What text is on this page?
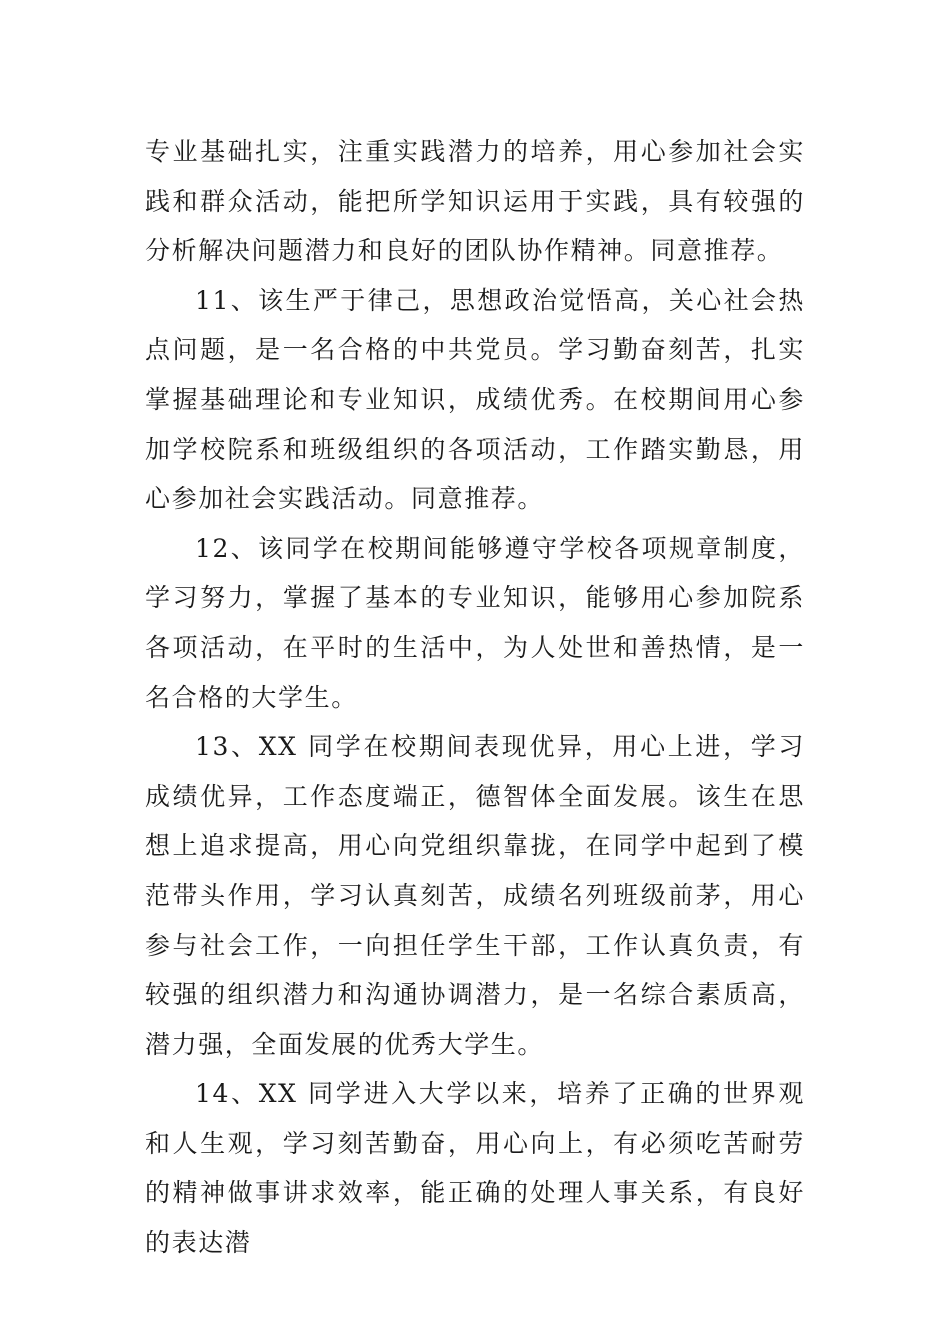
专业基础扎实，注重实践潜力的培养，用心参加社会实践和群众活动，能把所学知识运用于实践，具有较强的分析解决问题潜力和良好的团队协作精神。同意推荐。

11、该生严于律己，思想政治觉悟高，关心社会热点问题，是一名合格的中共党员。学习勤奋刻苦，扎实掌握基础理论和专业知识，成绩优秀。在校期间用心参加学校院系和班级组织的各项活动，工作踏实勤恳，用心参加社会实践活动。同意推荐。

12、该同学在校期间能够遵守学校各项规章制度，学习努力，掌握了基本的专业知识，能够用心参加院系各项活动，在平时的生活中，为人处世和善热情，是一名合格的大学生。

13、XX 同学在校期间表现优异，用心上进，学习成绩优异，工作态度端正，德智体全面发展。该生在思想上追求提高，用心向党组织靠拢，在同学中起到了模范带头作用，学习认真刻苦，成绩名列班级前茅，用心参与社会工作，一向担任学生干部，工作认真负责，有较强的组织潜力和沟通协调潜力，是一名综合素质高，潜力强，全面发展的优秀大学生。

14、XX 同学进入大学以来，培养了正确的世界观和人生观，学习刻苦勤奋，用心向上，有必须吃苦耐劳的精神做事讲求效率，能正确的处理人事关系，有良好的表达潜
